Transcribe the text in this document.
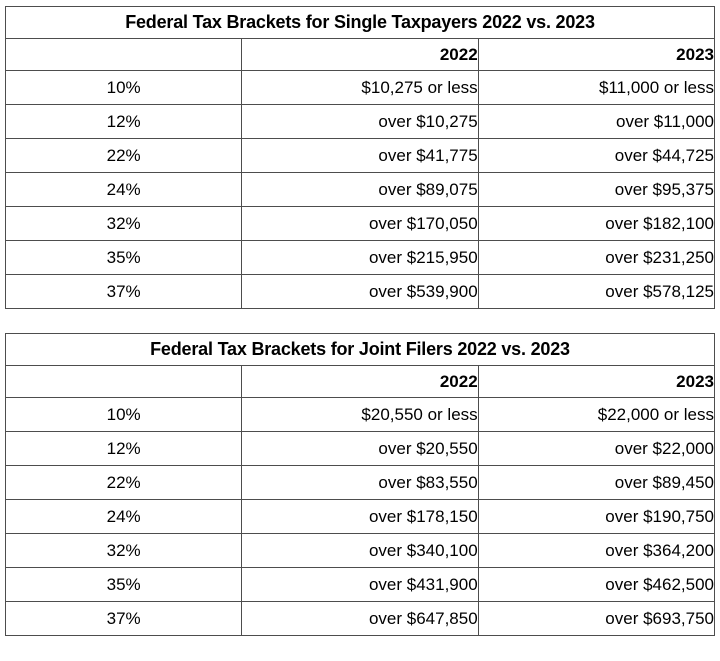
Federal Tax Brackets for Single Taxpayers 2022 vs. 2023		
	2022	2023
10%	$10,275 or less	$11,000 or less
12%	over $10,275	over $11,000
22%	over $41,775	over $44,725
24%	over $89,075	over $95,375
32%	over $170,050	over $182,100
35%	over $215,950	over $231,250
37%	over $539,900	over $578,125
Federal Tax Brackets for Joint Filers 2022 vs. 2023		
	2022	2023
10%	$20,550 or less	$22,000 or less
12%	over $20,550	over $22,000
22%	over $83,550	over $89,450
24%	over $178,150	over $190,750
32%	over $340,100	over $364,200
35%	over $431,900	over $462,500
37%	over $647,850	over $693,750
